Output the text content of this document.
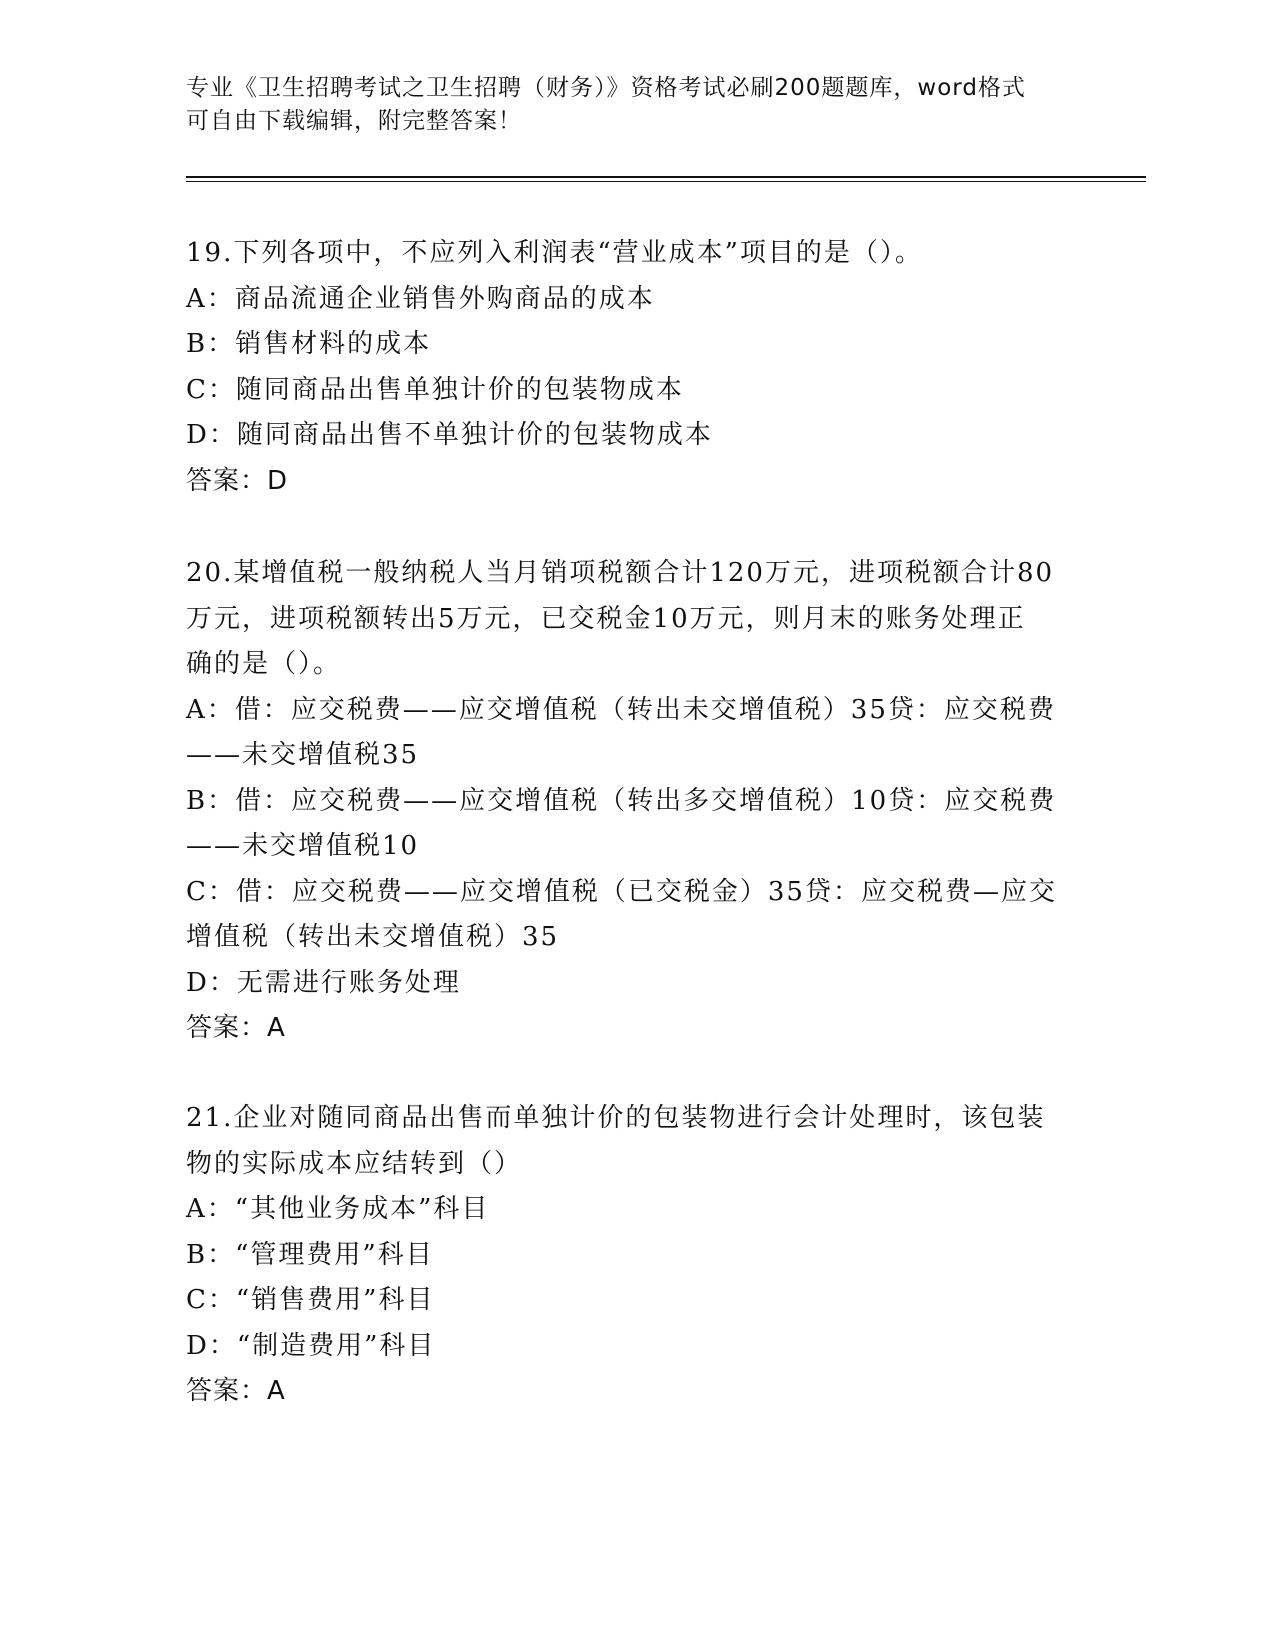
专业《卫生招聘考试之卫生招聘（财务）》资格考试必刷200题题库，word格式
可自由下载编辑，附完整答案！

19.下列各项中，不应列入利润表“营业成本”项目的是（）。

A：商品流通企业销售外购商品的成本

B：销售材料的成本

C：随同商品出售单独计价的包装物成本

D：随同商品出售不单独计价的包装物成本

答案：D

20.某增值税一般纳税人当月销项税额合计120万元，进项税额合计80

万元，进项税额转出5万元，已交税金10万元，则月末的账务处理正

确的是（）。

A：借：应交税费——应交增值税（转出未交增值税）35贷：应交税费

——未交增值税35

B：借：应交税费——应交增值税（转出多交增值税）10贷：应交税费

——未交增值税10

C：借：应交税费——应交增值税（已交税金）35贷：应交税费—应交

增值税（转出未交增值税）35

D：无需进行账务处理

答案：A

21.企业对随同商品出售而单独计价的包装物进行会计处理时，该包装

物的实际成本应结转到（）

A：“其他业务成本”科目

B：“管理费用”科目

C：“销售费用”科目

D：“制造费用”科目

答案：A
